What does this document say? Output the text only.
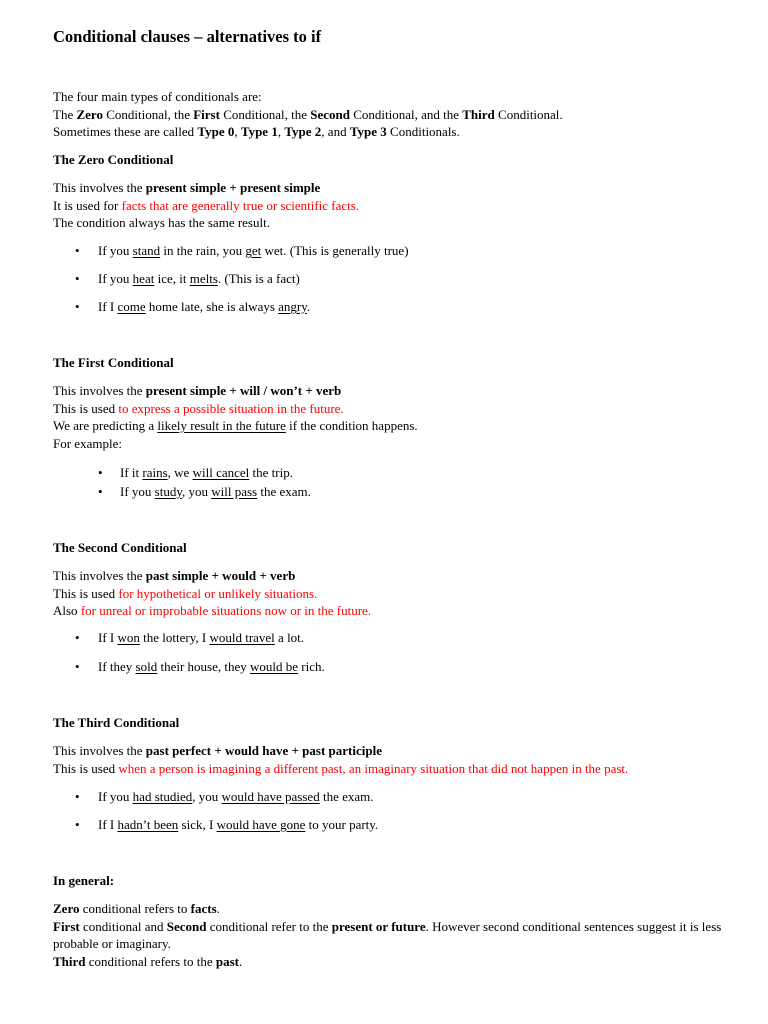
Conditional clauses – alternatives to if

The four main types of conditionals are:

The Zero Conditional, the First Conditional, the Second Conditional, and the Third Conditional.

Sometimes these are called Type 0, Type 1, Type 2, and Type 3 Conditionals.

The Zero Conditional

This involves the present simple + present simple

It is used for facts that are generally true or scientific facts.

The condition always has the same result.

• If you stand in the rain, you get wet. (This is generally true)
• If you heat ice, it melts. (This is a fact)
• If I come home late, she is always angry.
The First Conditional

This involves the present simple + will / won’t + verb

This is used to express a possible situation in the future.

We are predicting a likely result in the future if the condition happens.

For example:

• If it rains, we will cancel the trip.
• If you study, you will pass the exam.
The Second Conditional

This involves the past simple + would + verb

This is used for hypothetical or unlikely situations.

Also for unreal or improbable situations now or in the future.

• If I won the lottery, I would travel a lot.
• If they sold their house, they would be rich.
The Third Conditional

This involves the past perfect + would have + past participle

This is used when a person is imagining a different past, an imaginary situation that did not happen in the past.

• If you had studied, you would have passed the exam.
• If I hadn’t been sick, I would have gone to your party.
In general:

Zero conditional refers to facts.

First conditional and Second conditional refer to the present or future. However second conditional sentences suggest it is less probable or imaginary.

Third conditional refers to the past.
